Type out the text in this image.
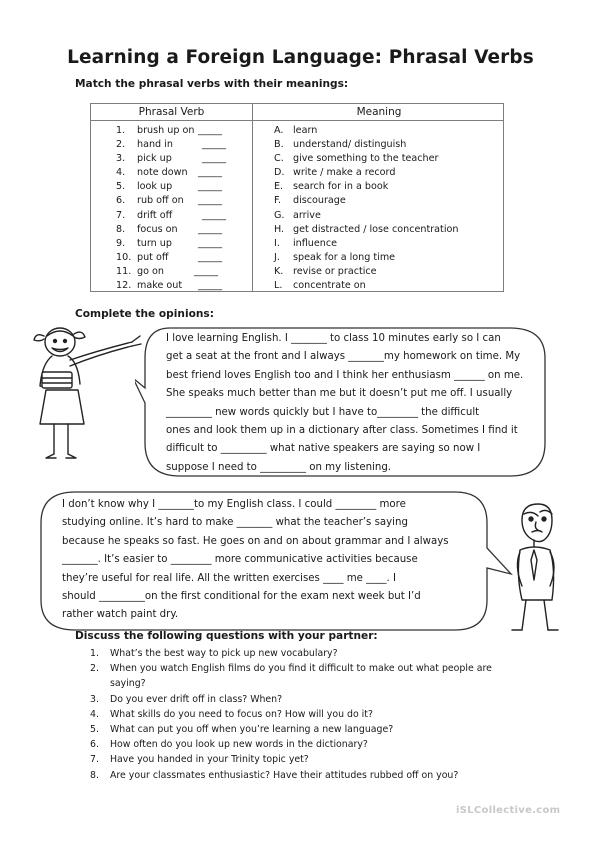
Learning a Foreign Language: Phrasal Verbs
Match the phrasal verbs with their meanings:
Phrasal Verb	Meaning
1. brush up on _____
2. hand in	_____
3. pick up	_____
4. note down _____
5. look up	_____
6. rub off on _____
7. drift off	_____
8. focus on _____
9. turn up	_____
10. put off	_____
11. go on	_____
12. make out _____
A. learn
B. understand/ distinguish
C. give something to the teacher
D. write / make a record
E. search for in a book
F. discourage
G. arrive
H. get distracted / lose concentration
I. influence
J. speak for a long time
K. revise or practice
L. concentrate on
Complete the opinions:
I love learning English. I _______ to class 10 minutes early so I can
get a seat at the front and I always _______my homework on time. My
best friend loves English too and I think her enthusiasm ______ on me.
She speaks much better than me but it doesn’t put me off. I usually
_________ new words quickly but I have to________ the difficult
ones and look them up in a dictionary after class. Sometimes I find it
difficult to _________ what native speakers are saying so now I
suppose I need to _________ on my listening.
I don’t know why I _______to my English class. I could ________ more
studying online. It’s hard to make _______ what the teacher’s saying
because he speaks so fast. He goes on and on about grammar and I always
_______. It’s easier to ________ more communicative activities because
they’re useful for real life. All the written exercises ____ me ____. I
should _________on the first conditional for the exam next week but I’d
rather watch paint dry.
Discuss the following questions with your partner:
1. What’s the best way to pick up new vocabulary?
2. When you watch English films do you find it difficult to make out what people are saying?
3. Do you ever drift off in class? When?
4. What skills do you need to focus on? How will you do it?
5. What can put you off when you’re learning a new language?
6. How often do you look up new words in the dictionary?
7. Have you handed in your Trinity topic yet?
8. Are your classmates enthusiastic? Have their attitudes rubbed off on you?
iSLCollective.com
